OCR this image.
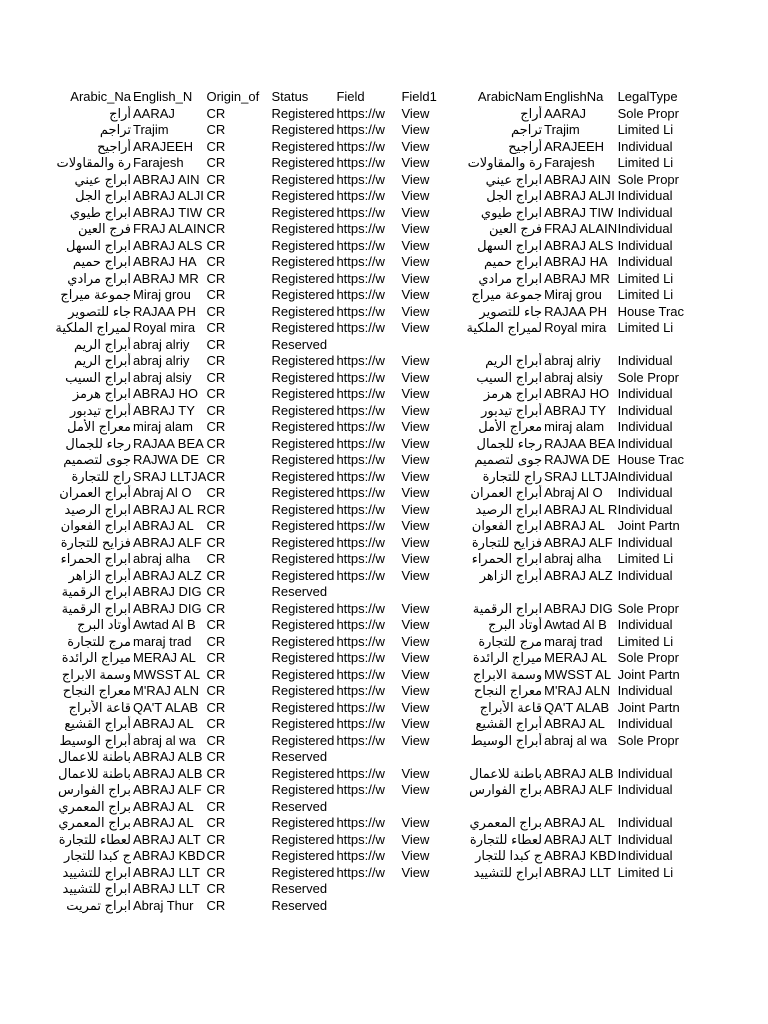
Arabic_Na	English_N	Origin_of	Status	Field	Field1		ArabicNam	EnglishNa	LegalType
أراج	AARAJ	CR	Registered	https://w	View		أراج	AARAJ	Sole Propr
تراجم	Trajim	CR	Registered	https://w	View		تراجم	Trajim	Limited Li
أراجيح	ARAJEEH	CR	Registered	https://w	View		أراجيح	ARAJEEH	Individual
رة والمقاولات	Farajesh	CR	Registered	https://w	View		رة والمقاولات	Farajesh	Limited Li
ابراج عيني	ABRAJ AIN	CR	Registered	https://w	View		ابراج عيني	ABRAJ AIN	Sole Propr
ابراج الجل	ABRAJ ALJI	CR	Registered	https://w	View		ابراج الجل	ABRAJ ALJI	Individual
ابراج طيوي	ABRAJ TIW	CR	Registered	https://w	View		ابراج طيوي	ABRAJ TIW	Individual
فرج العين	FRAJ ALAIN	CR	Registered	https://w	View		فرج العين	FRAJ ALAIN	Individual
ابراج السهل	ABRAJ ALS	CR	Registered	https://w	View		ابراج السهل	ABRAJ ALS	Individual
ابراج حميم	ABRAJ HA	CR	Registered	https://w	View		ابراج حميم	ABRAJ HA	Individual
ابراج مرادي	ABRAJ MR	CR	Registered	https://w	View		ابراج مرادي	ABRAJ MR	Limited Li
جموعة ميراج	Miraj grou	CR	Registered	https://w	View		جموعة ميراج	Miraj grou	Limited Li
جاء للتصوير	RAJAA PH	CR	Registered	https://w	View		جاء للتصوير	RAJAA PH	House Trac
لميراج الملكية	Royal mira	CR	Registered	https://w	View		لميراج الملكية	Royal mira	Limited Li
أبراج الريم	abraj alriy	CR	Reserved						
أبراج الريم	abraj alriy	CR	Registered	https://w	View		أبراج الريم	abraj alriy	Individual
ابراج السيب	abraj alsiy	CR	Registered	https://w	View		ابراج السيب	abraj alsiy	Sole Propr
ابراج هرمز	ABRAJ HO	CR	Registered	https://w	View		ابراج هرمز	ABRAJ HO	Individual
أبراج تيدبور	ABRAJ TY	CR	Registered	https://w	View		أبراج تيدبور	ABRAJ TY	Individual
معراج الأمل	miraj alam	CR	Registered	https://w	View		معراج الأمل	miraj alam	Individual
رجاء للجمال	RAJAA BEA	CR	Registered	https://w	View		رجاء للجمال	RAJAA BEA	Individual
جوى لتصميم	RAJWA DE	CR	Registered	https://w	View		جوى لتصميم	RAJWA DE	House Trac
راج للتجارة	SRAJ LLTJA	CR	Registered	https://w	View		راج للتجارة	SRAJ LLTJA	Individual
أبراج العمران	Abraj Al O	CR	Registered	https://w	View		أبراج العمران	Abraj Al O	Individual
ابراج الرصيد	ABRAJ AL R	CR	Registered	https://w	View		ابراج الرصيد	ABRAJ AL R	Individual
ابراج الفعوان	ABRAJ AL	CR	Registered	https://w	View		ابراج الفعوان	ABRAJ AL	Joint Partn
فزايح للتجارة	ABRAJ ALF	CR	Registered	https://w	View		فزايح للتجارة	ABRAJ ALF	Individual
ابراج الحمراء	abraj alha	CR	Registered	https://w	View		ابراج الحمراء	abraj alha	Limited Li
أبراج الزاهر	ABRAJ ALZ	CR	Registered	https://w	View		أبراج الزاهر	ABRAJ ALZ	Individual
ابراج الرقمية	ABRAJ DIG	CR	Reserved						
ابراج الرقمية	ABRAJ DIG	CR	Registered	https://w	View		ابراج الرقمية	ABRAJ DIG	Sole Propr
أوتاد البرج	Awtad Al B	CR	Registered	https://w	View		أوتاد البرج	Awtad Al B	Individual
مرج للتجارة	maraj trad	CR	Registered	https://w	View		مرج للتجارة	maraj trad	Limited Li
ميراج الرائدة	MERAJ AL	CR	Registered	https://w	View		ميراج الرائدة	MERAJ AL	Sole Propr
وسمة الابراج	MWSST AL	CR	Registered	https://w	View		وسمة الابراج	MWSST AL	Joint Partn
معراج النجاح	M'RAJ ALN	CR	Registered	https://w	View		معراج النجاح	M'RAJ ALN	Individual
قاعة الأبراج	QA'T ALAB	CR	Registered	https://w	View		قاعة الأبراج	QA'T ALAB	Joint Partn
أبراج القشيع	ABRAJ AL	CR	Registered	https://w	View		أبراج القشيع	ABRAJ AL	Individual
أبراج الوسيط	abraj al wa	CR	Registered	https://w	View		أبراج الوسيط	abraj al wa	Sole Propr
باطنة للاعمال	ABRAJ ALB	CR	Reserved						
باطنة للاعمال	ABRAJ ALB	CR	Registered	https://w	View		باطنة للاعمال	ABRAJ ALB	Individual
براج الفوارس	ABRAJ ALF	CR	Registered	https://w	View		براج الفوارس	ABRAJ ALF	Individual
براج المعمري	ABRAJ AL	CR	Reserved						
براج المعمري	ABRAJ AL	CR	Registered	https://w	View		براج المعمري	ABRAJ AL	Individual
لعطاء للتجارة	ABRAJ ALT	CR	Registered	https://w	View		لعطاء للتجارة	ABRAJ ALT	Individual
ج كبدا للتجار	ABRAJ KBD	CR	Registered	https://w	View		ج كبدا للتجار	ABRAJ KBD	Individual
ابراج للتشييد	ABRAJ LLT	CR	Registered	https://w	View		ابراج للتشييد	ABRAJ LLT	Limited Li
ابراج للتشييد	ABRAJ LLT	CR	Reserved						
ابراج تمريت	Abraj Thur	CR	Reserved						
